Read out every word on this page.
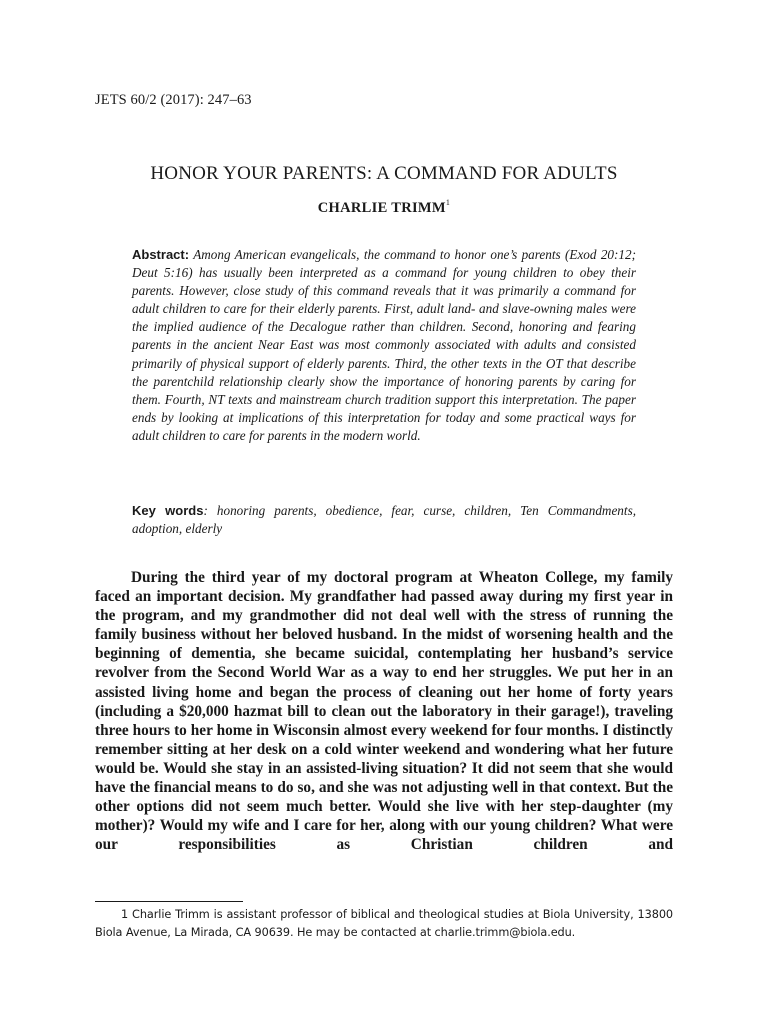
JETS 60/2 (2017): 247–63
HONOR YOUR PARENTS: A COMMAND FOR ADULTS
CHARLIE TRIMM$^1$
Abstract: Among American evangelicals, the command to honor one’s parents (Exod 20:12; Deut 5:16) has usually been interpreted as a command for young children to obey their parents. However, close study of this command reveals that it was primarily a command for adult children to care for their elderly parents. First, adult land- and slave-owning males were the implied audience of the Decalogue rather than children. Second, honoring and fearing parents in the ancient Near East was most commonly associated with adults and consisted primarily of physical support of elderly parents. Third, the other texts in the OT that describe the parentchild relationship clearly show the importance of honoring parents by caring for them. Fourth, NT texts and mainstream church tradition support this interpretation. The paper ends by looking at implications of this interpretation for today and some practical ways for adult children to care for parents in the modern world.
Key words: honoring parents, obedience, fear, curse, children, Ten Commandments, adoption, elderly
During the third year of my doctoral program at Wheaton College, my family faced an important decision. My grandfather had passed away during my first year in the program, and my grandmother did not deal well with the stress of running the family business without her beloved husband. In the midst of worsening health and the beginning of dementia, she became suicidal, contemplating her husband’s service revolver from the Second World War as a way to end her struggles. We put her in an assisted living home and began the process of cleaning out her home of forty years (including a $20,000 hazmat bill to clean out the laboratory in their garage!), traveling three hours to her home in Wisconsin almost every weekend for four months. I distinctly remember sitting at her desk on a cold winter weekend and wondering what her future would be. Would she stay in an assisted-living situation? It did not seem that she would have the financial means to do so, and she was not adjusting well in that context. But the other options did not seem much better. Would she live with her step-daughter (my mother)? Would my wife and I care for her, along with our young children? What were our responsibilities as Christian children and
1 Charlie Trimm is assistant professor of biblical and theological studies at Biola University, 13800 Biola Avenue, La Mirada, CA 90639. He may be contacted at charlie.trimm@biola.edu.
